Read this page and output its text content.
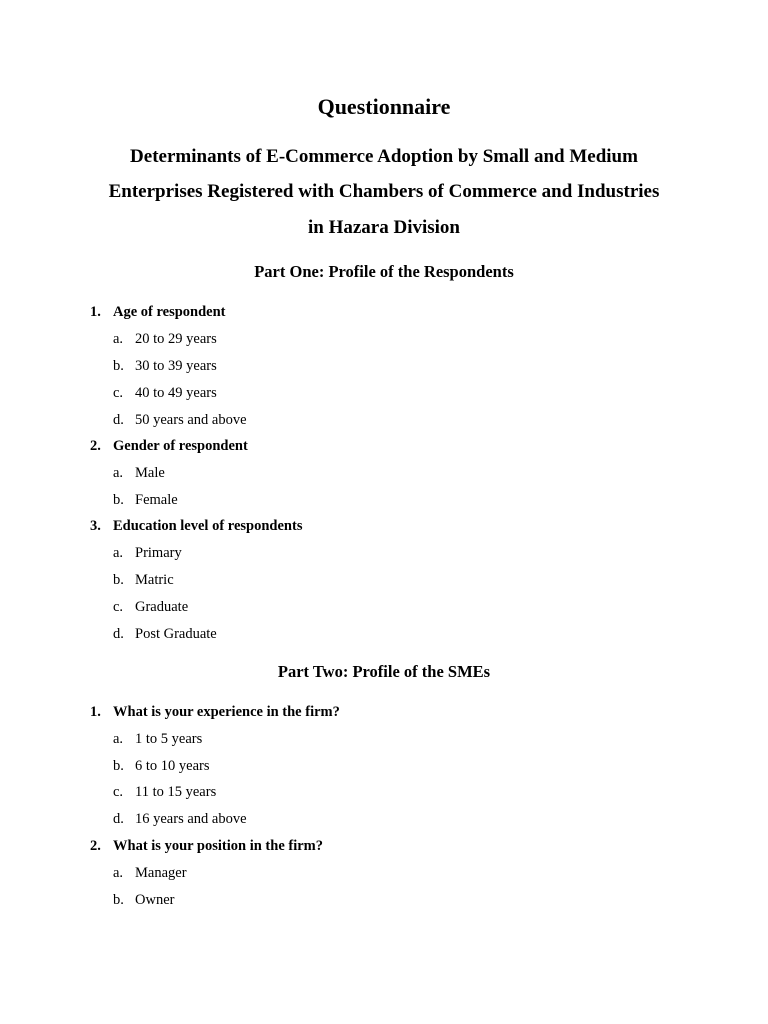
Questionnaire
Determinants of E-Commerce Adoption by Small and Medium
Enterprises Registered with Chambers of Commerce and Industries
in Hazara Division
Part One: Profile of the Respondents
1. Age of respondent
a. 20 to 29 years
b. 30 to 39 years
c. 40 to 49 years
d. 50 years and above
2. Gender of respondent
a. Male
b. Female
3. Education level of respondents
a. Primary
b. Matric
c. Graduate
d. Post Graduate
Part Two: Profile of the SMEs
1. What is your experience in the firm?
a. 1 to 5 years
b. 6 to 10 years
c. 11 to 15 years
d. 16 years and above
2. What is your position in the firm?
a. Manager
b. Owner
